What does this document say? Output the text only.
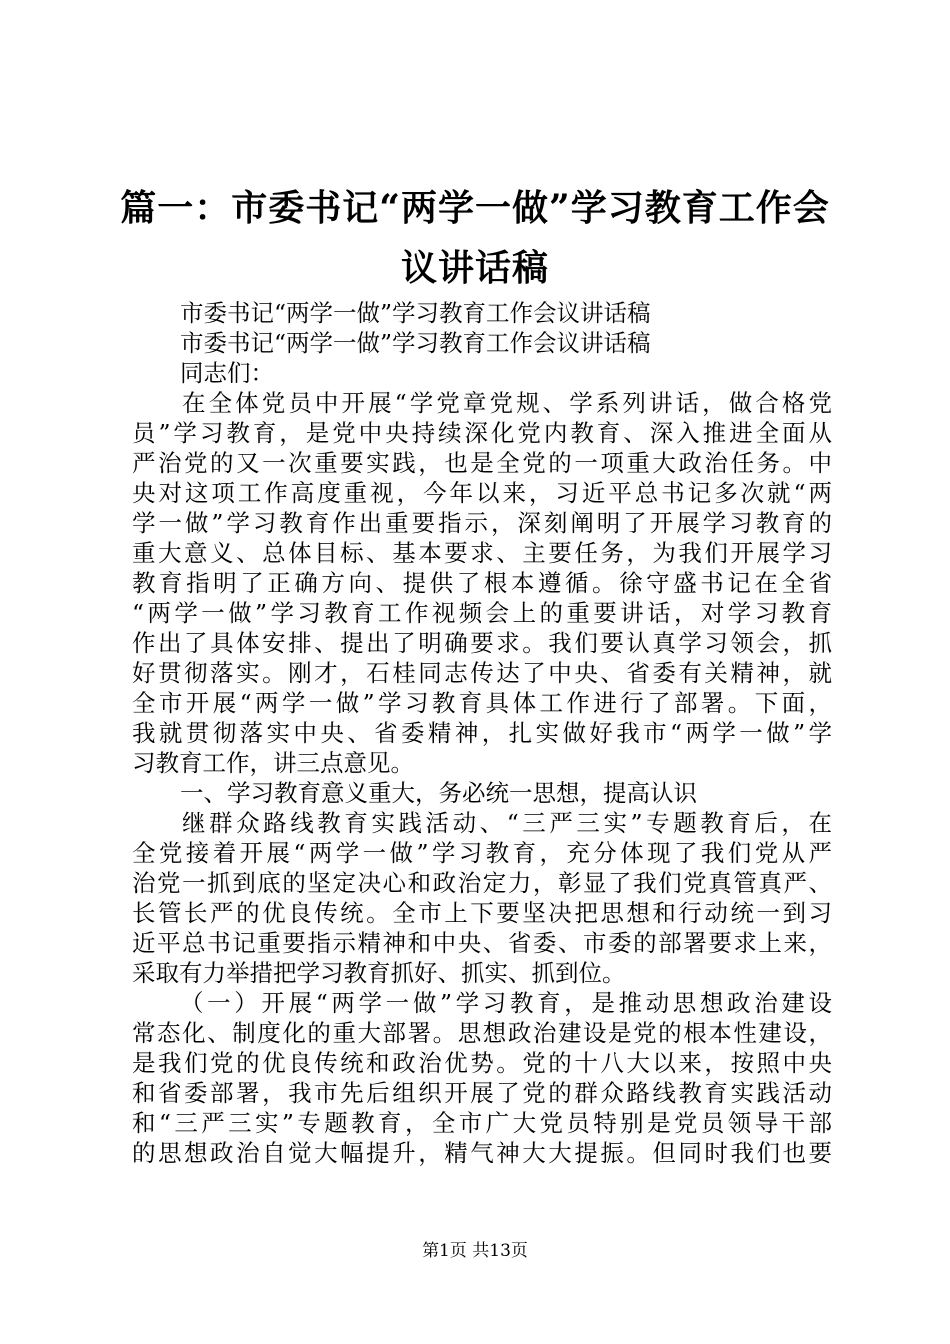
篇一：市委书记“两学一做”学习教育工作会
议讲话稿
市委书记“两学一做”学习教育工作会议讲话稿
市委书记“两学一做”学习教育工作会议讲话稿
同志们：
在全体党员中开展“学党章党规、学系列讲话，做合格党
员”学习教育，是党中央持续深化党内教育、深入推进全面从
严治党的又一次重要实践，也是全党的一项重大政治任务。中
央对这项工作高度重视，今年以来，习近平总书记多次就“两
学一做”学习教育作出重要指示，深刻阐明了开展学习教育的
重大意义、总体目标、基本要求、主要任务，为我们开展学习
教育指明了正确方向、提供了根本遵循。徐守盛书记在全省
“两学一做”学习教育工作视频会上的重要讲话，对学习教育
作出了具体安排、提出了明确要求。我们要认真学习领会，抓
好贯彻落实。刚才，石桂同志传达了中央、省委有关精神，就
全市开展“两学一做”学习教育具体工作进行了部署。下面，
我就贯彻落实中央、省委精神，扎实做好我市“两学一做”学
习教育工作，讲三点意见。
一、学习教育意义重大，务必统一思想，提高认识
继群众路线教育实践活动、“三严三实”专题教育后，在
全党接着开展“两学一做”学习教育，充分体现了我们党从严
治党一抓到底的坚定决心和政治定力，彰显了我们党真管真严、
长管长严的优良传统。全市上下要坚决把思想和行动统一到习
近平总书记重要指示精神和中央、省委、市委的部署要求上来，
采取有力举措把学习教育抓好、抓实、抓到位。
（一）开展“两学一做”学习教育，是推动思想政治建设
常态化、制度化的重大部署。思想政治建设是党的根本性建设，
是我们党的优良传统和政治优势。党的十八大以来，按照中央
和省委部署，我市先后组织开展了党的群众路线教育实践活动
和“三严三实”专题教育，全市广大党员特别是党员领导干部
的思想政治自觉大幅提升，精气神大大提振。但同时我们也要
第1页 共13页
